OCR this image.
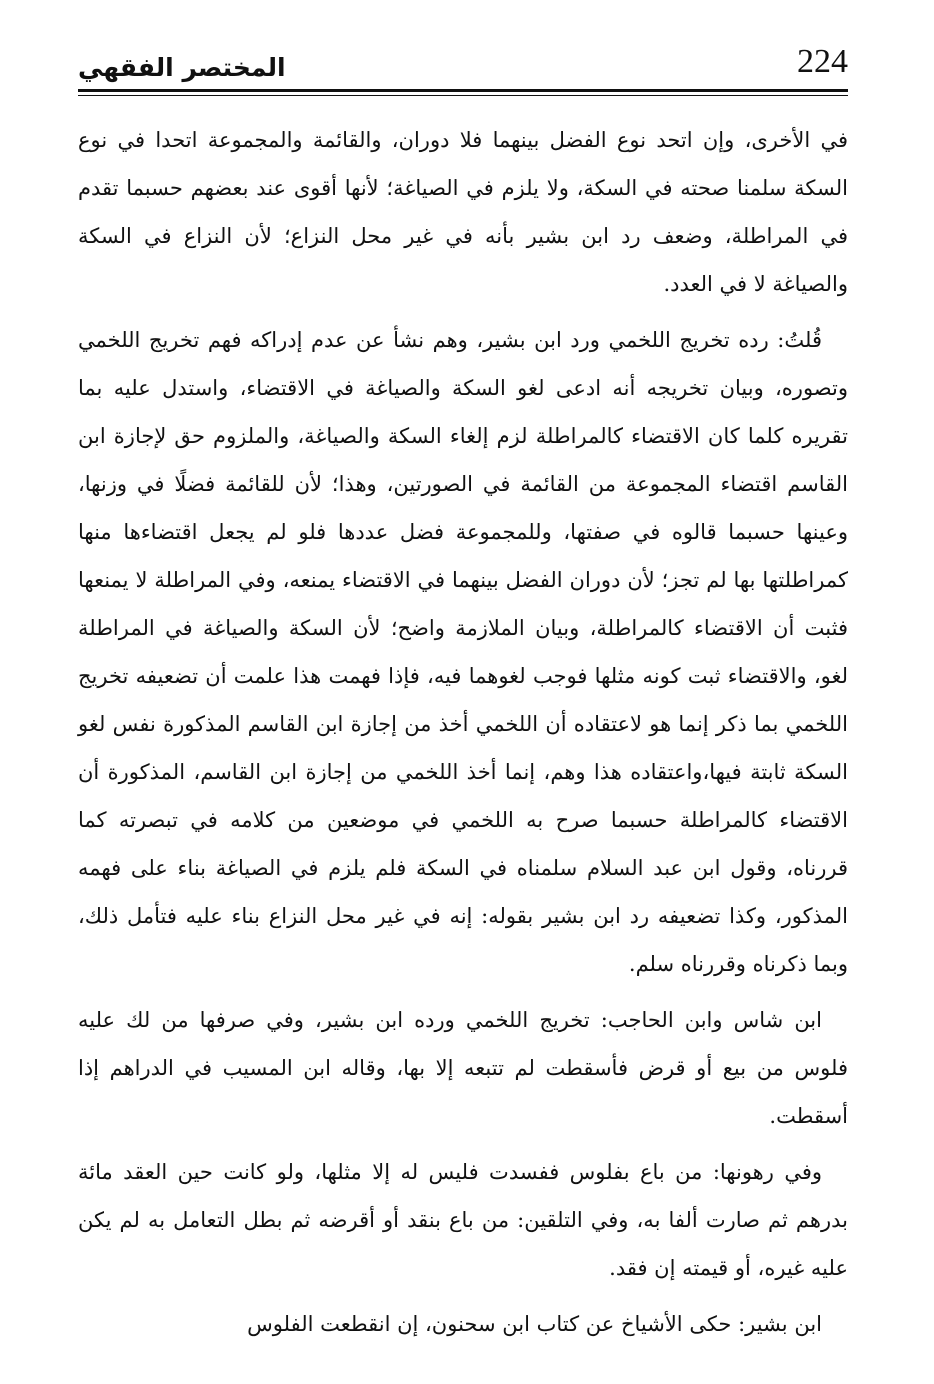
224
المختصر الفقهي

في الأخرى، وإن اتحد نوع الفضل بينهما فلا دوران، والقائمة والمجموعة اتحدا في نوع السكة سلمنا صحته في السكة، ولا يلزم في الصياغة؛ لأنها أقوى عند بعضهم حسبما تقدم في المراطلة، وضعف رد ابن بشير بأنه في غير محل النزاع؛ لأن النزاع في السكة والصياغة لا في العدد.

قُلتُ: رده تخريج اللخمي ورد ابن بشير، وهم نشأ عن عدم إدراكه فهم تخريج اللخمي وتصوره، وبيان تخريجه أنه ادعى لغو السكة والصياغة في الاقتضاء، واستدل عليه بما تقريره كلما كان الاقتضاء كالمراطلة لزم إلغاء السكة والصياغة، والملزوم حق لإجازة ابن القاسم اقتضاء المجموعة من القائمة في الصورتين، وهذا؛ لأن للقائمة فضلًا في وزنها، وعينها حسبما قالوه في صفتها، وللمجموعة فضل عددها فلو لم يجعل اقتضاءها منها كمراطلتها بها لم تجز؛ لأن دوران الفضل بينهما في الاقتضاء يمنعه، وفي المراطلة لا يمنعها فثبت أن الاقتضاء كالمراطلة، وبيان الملازمة واضح؛ لأن السكة والصياغة في المراطلة لغو، والاقتضاء ثبت كونه مثلها فوجب لغوهما فيه، فإذا فهمت هذا علمت أن تضعيفه تخريج اللخمي بما ذكر إنما هو لاعتقاده أن اللخمي أخذ من إجازة ابن القاسم المذكورة نفس لغو السكة ثابتة فيها،واعتقاده هذا وهم، إنما أخذ اللخمي من إجازة ابن القاسم، المذكورة أن الاقتضاء كالمراطلة حسبما صرح به اللخمي في موضعين من كلامه في تبصرته كما قررناه، وقول ابن عبد السلام سلمناه في السكة فلم يلزم في الصياغة بناء على فهمه المذكور، وكذا تضعيفه رد ابن بشير بقوله: إنه في غير محل النزاع بناء عليه فتأمل ذلك، وبما ذكرناه وقررناه سلم.

ابن شاس وابن الحاجب: تخريج اللخمي ورده ابن بشير، وفي صرفها من لك عليه فلوس من بيع أو قرض فأسقطت لم تتبعه إلا بها، وقاله ابن المسيب في الدراهم إذا أسقطت.

وفي رهونها: من باع بفلوس ففسدت فليس له إلا مثلها، ولو كانت حين العقد مائة بدرهم ثم صارت ألفا به، وفي التلقين: من باع بنقد أو أقرضه ثم بطل التعامل به لم يكن عليه غيره، أو قيمته إن فقد.

ابن بشير: حكى الأشياخ عن كتاب ابن سحنون، إن انقطعت الفلوس
